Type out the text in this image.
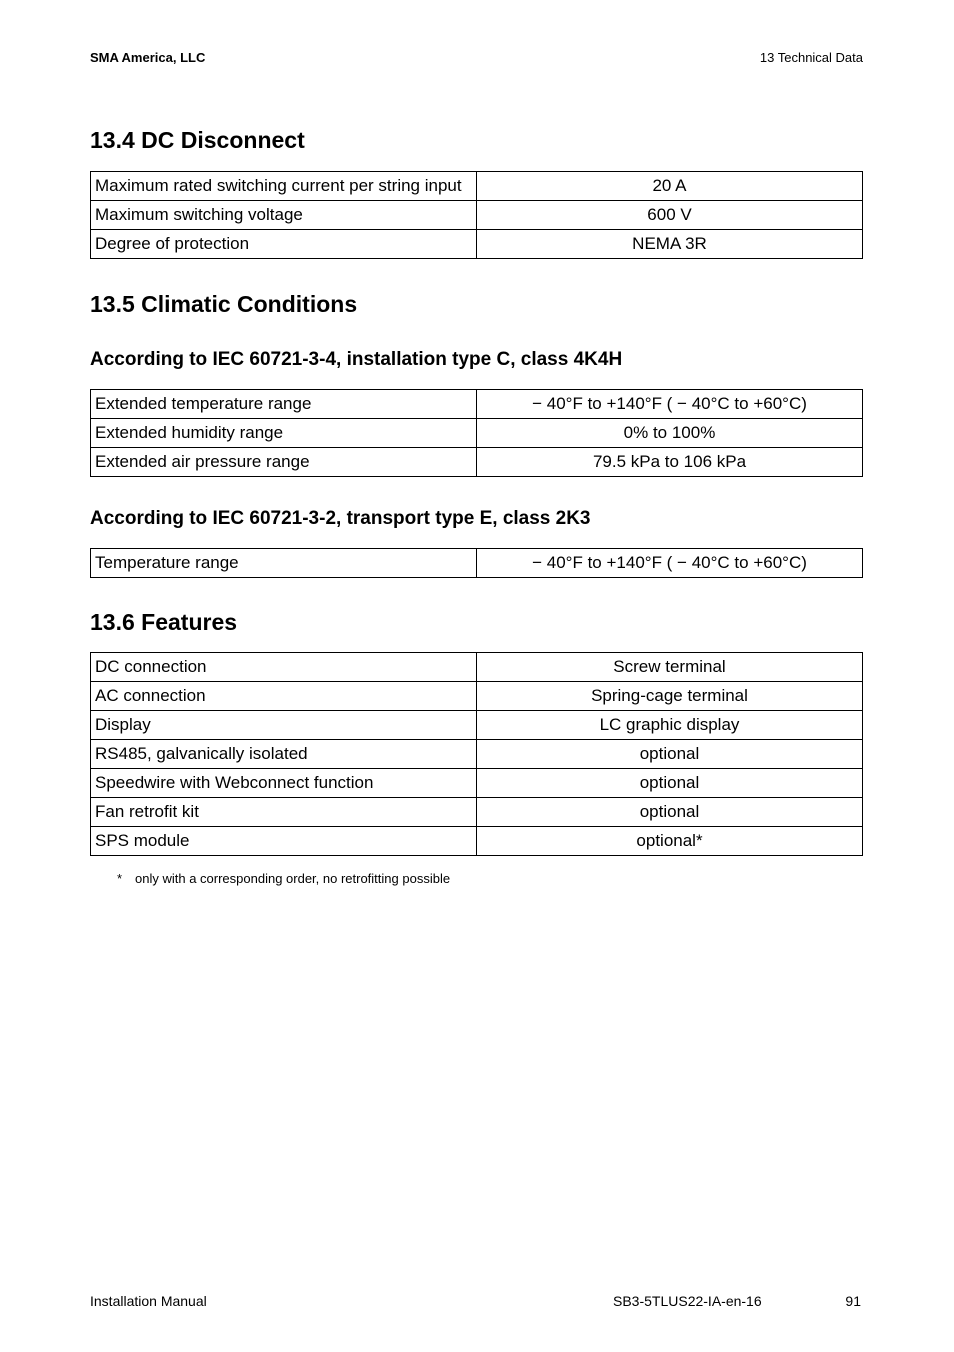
SMA America, LLC	13 Technical Data
13.4 DC Disconnect
Maximum rated switching current per string input	20 A
Maximum switching voltage	600 V
Degree of protection	NEMA 3R
13.5 Climatic Conditions
According to IEC 60721-3-4, installation type C, class 4K4H
Extended temperature range	− 40°F to +140°F ( − 40°C to +60°C)
Extended humidity range	0% to 100%
Extended air pressure range	79.5 kPa to 106 kPa
According to IEC 60721-3-2, transport type E, class 2K3
Temperature range	− 40°F to +140°F ( − 40°C to +60°C)
13.6 Features
DC connection	Screw terminal
AC connection	Spring-cage terminal
Display	LC graphic display
RS485, galvanically isolated	optional
Speedwire with Webconnect function	optional
Fan retrofit kit	optional
SPS module	optional*
* only with a corresponding order, no retrofitting possible
Installation Manual	SB3-5TLUS22-IA-en-16	91
